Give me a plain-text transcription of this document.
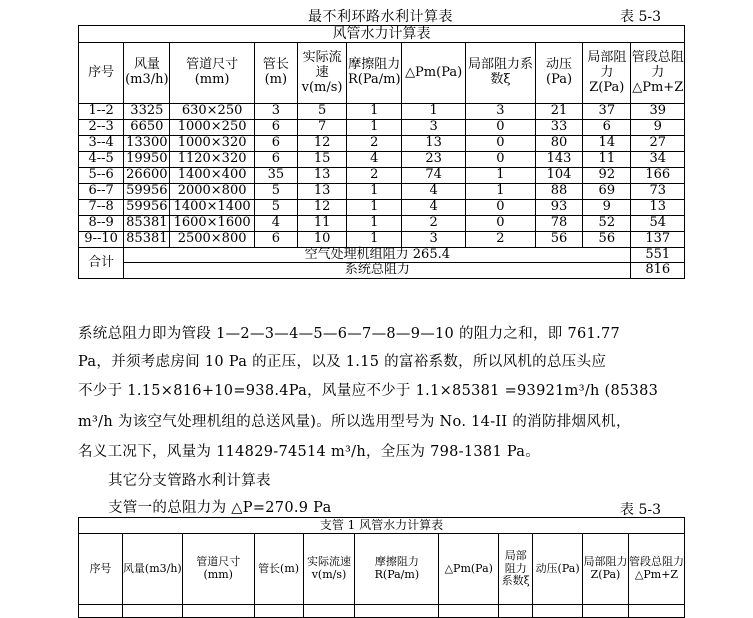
最不利环路水利计算表	表 5-3
风管水力计算表										
序号	风量(m3/h)	管道尺寸(mm)	管长(m)	实际流速v(m/s)	摩擦阻力R(Pa/m)	△Pm(Pa)	局部阻力系数ξ	动压(Pa)	局部阻力Z(Pa)	管段总阻力△Pm+Z
1--2	3325	630×250	3	5	1	1	3	21	37	39
2--3	6650	1000×250	6	7	1	3	0	33	6	9
3--4	13300	1000×320	6	12	2	13	0	80	14	27
4--5	19950	1120×320	6	15	4	23	0	143	11	34
5--6	26600	1400×400	35	13	2	74	1	104	92	166
6--7	59956	2000×800	5	13	1	4	1	88	69	73
7--8	59956	1400×1400	5	12	1	4	0	93	9	13
8--9	85381	1600×1600	4	11	1	2	0	78	52	54
9--10	85381	2500×800	6	10	1	3	2	56	56	137
合计	空气处理机组阻力 265.4									551
	系统总阻力									816
系统总阻力即为管段 1—2—3—4—5—6—7—8—9—10 的阻力之和，即 761.77
Pa，并须考虑房间 10 Pa 的正压，以及 1.15 的富裕系数，所以风机的总压头应
不少于 1.15×816+10=938.4Pa，风量应不少于 1.1×85381 =93921m³/h (85383
m³/h 为该空气处理机组的总送风量)。所以选用型号为 No. 14-II 的消防排烟风机，
名义工况下，风量为 114829-74514 m³/h，全压为 798-1381 Pa。
其它分支管路水利计算表
支管一的总阻力为 △P=270.9 Pa	表 5-3
支管 1 风管水力计算表										
序号	风量(m3/h)	管道尺寸(mm)	管长(m)	实际流速v(m/s)	摩擦阻力R(Pa/m)	△Pm(Pa)	局部阻力系数ξ	动压(Pa)	局部阻力Z(Pa)	管段总阻力△Pm+Z
